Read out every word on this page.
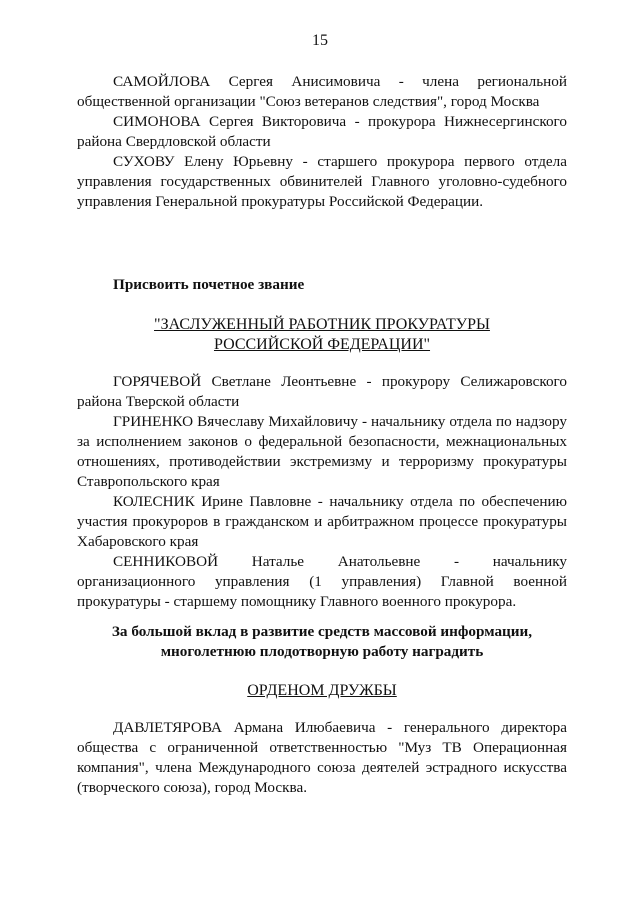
15

САМОЙЛОВА Сергея Анисимовича - члена региональной общественной организации "Союз ветеранов следствия", город Москва

СИМОНОВА Сергея Викторовича - прокурора Нижнесергинского района Свердловской области

СУХОВУ Елену Юрьевну - старшего прокурора первого отдела управления государственных обвинителей Главного уголовно-судебного управления Генеральной прокуратуры Российской Федерации.

Присвоить почетное звание
"ЗАСЛУЖЕННЫЙ РАБОТНИК ПРОКУРАТУРЫ
РОССИЙСКОЙ ФЕДЕРАЦИИ"

ГОРЯЧЕВОЙ Светлане Леонтьевне - прокурору Селижаровского района Тверской области

ГРИНЕНКО Вячеславу Михайловичу - начальнику отдела по надзору за исполнением законов о федеральной безопасности, межнациональных отношениях, противодействии экстремизму и терроризму прокуратуры Ставропольского края

КОЛЕСНИК Ирине Павловне - начальнику отдела по обеспечению участия прокуроров в гражданском и арбитражном процессе прокуратуры Хабаровского края

СЕННИКОВОЙ Наталье Анатольевне - начальнику организационного управления (1 управления) Главной военной прокуратуры - старшему помощнику Главного военного прокурора.

За большой вклад в развитие средств массовой информации,
многолетнюю плодотворную работу наградить
ОРДЕНОМ ДРУЖБЫ

ДАВЛЕТЯРОВА Армана Илюбаевича - генерального директора общества с ограниченной ответственностью "Муз ТВ Операционная компания", члена Международного союза деятелей эстрадного искусства (творческого союза), город Москва.
